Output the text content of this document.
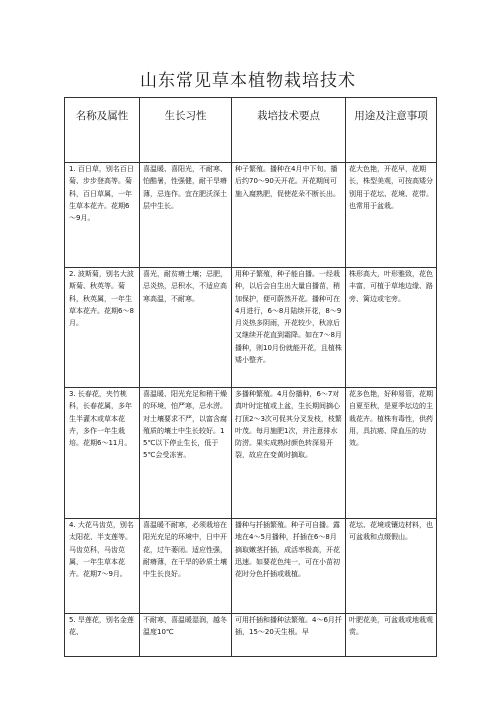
山东常见草本植物栽培技术
名称及属性	生长习性	栽培技术要点	用途及注意事项
1. 百日草，别名百日菊、步步登高等。菊科，百日草属，一年生草本花卉。花期6～9月。	喜温暖、喜阳光，不耐寒、怕酷暑，性强健，耐干旱瘠薄，忌连作。宜在肥沃深土层中生长。	种子繁殖。播种在4月中下旬。播后约70～90天开花。开花期间可施入腐熟肥，促使花朵不断长出。	花大色艳，开花早，花期长，株型美观，可按高矮分别用于花坛、花境、花带。也常用于盆栽。
2. 波斯菊，别名大波斯菊、秋英等。菊科，秋英属，一年生草本花卉。花期6～8月。	喜光，耐贫瘠土壤；忌肥，忌炎热，忌积水，不适应高寒高温，不耐寒。	用种子繁殖，种子能自播。一经栽种，以后会自生出大量自播苗，稍加保护，便可蔚然开花。播种可在4月进行，6～8月陆续开花，8～9月炎热多阴雨，开花较少，秋凉后又继续开花直到霜降。如在7～8月播种，则10月份就能开花，且植株矮小整齐。	株形高大，叶形雅致，花色丰富，可植于草地边缘、路旁、篱边或宅旁。
3. 长春花，夹竹桃科，长春花属，多年生半灌木或草本花卉，多作一年生栽培。花期6～11月。	喜温暖、阳光充足和稍干燥的环境，怕严寒，忌水涝。对土壤要求不严，以富含腐殖质的壤土中生长较好。15℃以下停止生长，低于5℃会受冻害。	多播种繁殖。4月份播种，6～7对真叶时定植或上盆，生长期间摘心打顶2～3次可促其分叉发枝，枝繁叶茂。每月施肥1次，并注意排水防涝。果实成熟时颜色转深易开裂，故应在变黄时摘取。	花多色艳，好种易管，花期自夏至秋，是夏季坛边的主栽花卉。植株有毒性，供药用，具抗癌、降血压的功效。
4. 大花马齿苋，别名太阳花、半支莲等。马齿苋科，马齿苋属，一年生草本花卉。花期7～9月。	喜温暖不耐寒，必须栽培在阳光充足的环境中，日中开花，过午萎闭。适应性强，耐瘠薄，在干旱的砂质土壤中生长良好。	播种与扦插繁殖。种子可自播。露地在4～5月播种，扦插在6～8月摘取嫩茎扦插，成活率极高，开花迅速。如要花色纯一，可在小苗初花时分色扦插或栽植。	花坛、花境或镶边材料，也可盆栽和点缀假山。
5. 旱莲花，别名金莲花、	不耐寒，喜温暖湿润，越冬温度10℃	可用扦插和播种法繁殖。4～6月扦插，15～20天生根。早	叶肥花美，可盆栽或地栽观赏。
